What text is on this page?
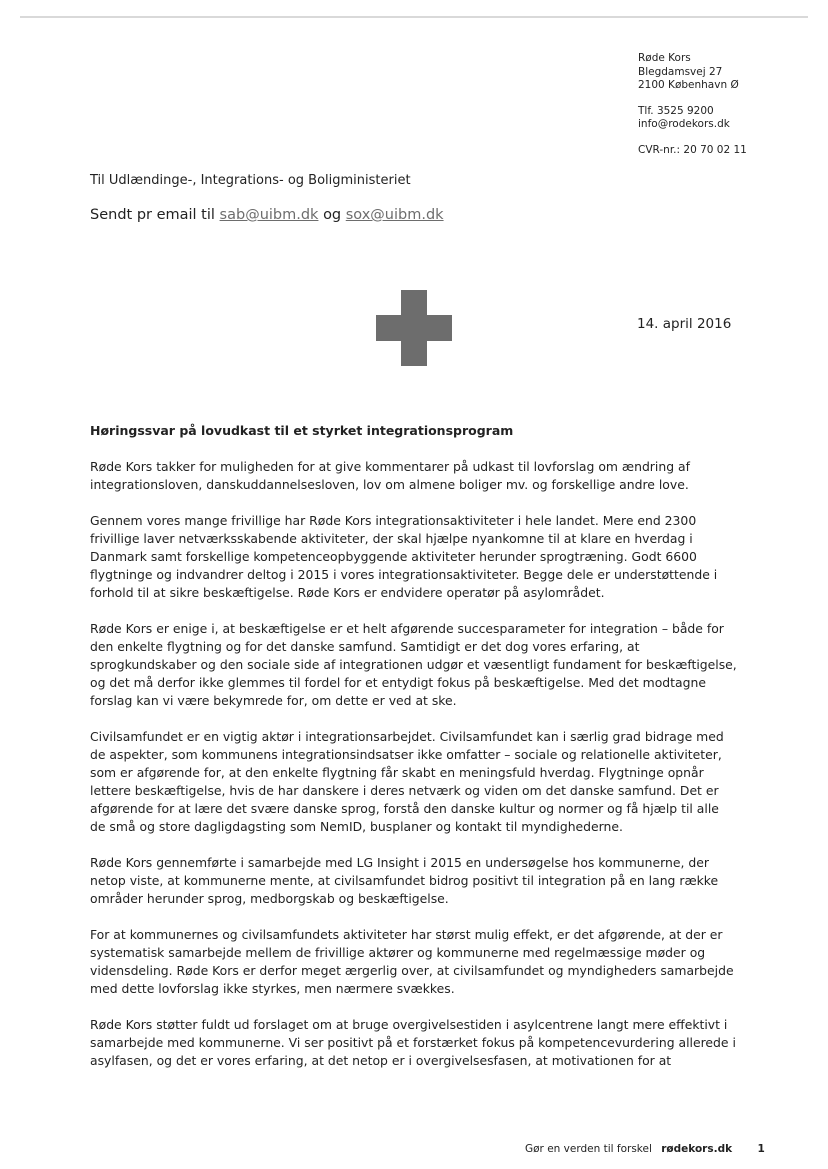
Røde Kors
Blegdamsvej 27
2100 København Ø
Tlf. 3525 9200
info@rodekors.dk
CVR-nr.: 20 70 02 11
Til Udlændinge-, Integrations- og Boligministeriet
Sendt pr email til sab@uibm.dk og sox@uibm.dk
14. april 2016
Høringssvar på lovudkast til et styrket integrationsprogram

Røde Kors takker for muligheden for at give kommentarer på udkast til lovforslag om ændring af integrationsloven, danskuddannelsesloven, lov om almene boliger mv. og forskellige andre love.

Gennem vores mange frivillige har Røde Kors integrationsaktiviteter i hele landet. Mere end 2300 frivillige laver netværksskabende aktiviteter, der skal hjælpe nyankomne til at klare en hverdag i Danmark samt forskellige kompetenceopbyggende aktiviteter herunder sprogtræning. Godt 6600 flygtninge og indvandrer deltog i 2015 i vores integrationsaktiviteter. Begge dele er understøttende i forhold til at sikre beskæftigelse. Røde Kors er endvidere operatør på asylområdet.

Røde Kors er enige i, at beskæftigelse er et helt afgørende succesparameter for integration – både for den enkelte flygtning og for det danske samfund. Samtidigt er det dog vores erfaring, at sprogkundskaber og den sociale side af integrationen udgør et væsentligt fundament for beskæftigelse, og det må derfor ikke glemmes til fordel for et entydigt fokus på beskæftigelse. Med det modtagne forslag kan vi være bekymrede for, om dette er ved at ske.

Civilsamfundet er en vigtig aktør i integrationsarbejdet. Civilsamfundet kan i særlig grad bidrage med de aspekter, som kommunens integrationsindsatser ikke omfatter – sociale og relationelle aktiviteter, som er afgørende for, at den enkelte flygtning får skabt en meningsfuld hverdag. Flygtninge opnår lettere beskæftigelse, hvis de har danskere i deres netværk og viden om det danske samfund. Det er afgørende for at lære det svære danske sprog, forstå den danske kultur og normer og få hjælp til alle de små og store dagligdagsting som NemID, busplaner og kontakt til myndighederne.

Røde Kors gennemførte i samarbejde med LG Insight i 2015 en undersøgelse hos kommunerne, der netop viste, at kommunerne mente, at civilsamfundet bidrog positivt til integration på en lang række områder herunder sprog, medborgskab og beskæftigelse.

For at kommunernes og civilsamfundets aktiviteter har størst mulig effekt, er det afgørende, at der er systematisk samarbejde mellem de frivillige aktører og kommunerne med regelmæssige møder og vidensdeling. Røde Kors er derfor meget ærgerlig over, at civilsamfundet og myndigheders samarbejde med dette lovforslag ikke styrkes, men nærmere svækkes.

Røde Kors støtter fuldt ud forslaget om at bruge overgivelsestiden i asylcentrene langt mere effektivt i samarbejde med kommunerne. Vi ser positivt på et forstærket fokus på kompetencevurdering allerede i asylfasen, og det er vores erfaring, at det netop er i overgivelsesfasen, at motivationen for at

Gør en verden til forskel rødekors.dk 1
